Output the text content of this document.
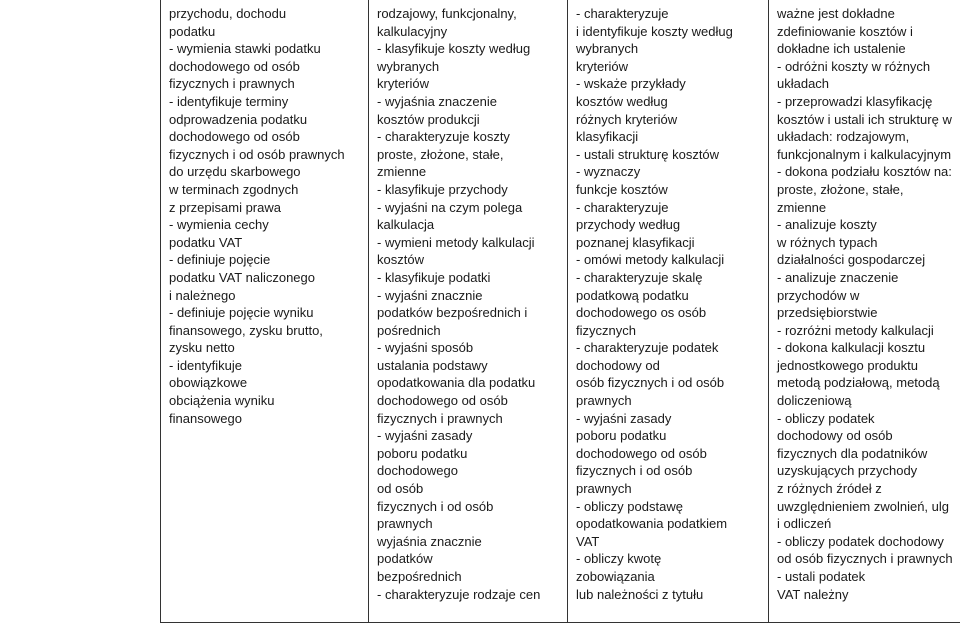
przychodu, dochodu
podatku
- wymienia stawki podatku
dochodowego od osób
fizycznych i prawnych
- identyfikuje terminy
odprowadzenia podatku
dochodowego od osób
fizycznych i od osób prawnych
do urzędu skarbowego
w terminach zgodnych
z przepisami prawa
- wymienia cechy
podatku VAT
- definiuje pojęcie
podatku VAT naliczonego
i należnego
- definiuje pojęcie wyniku
finansowego, zysku brutto,
zysku netto
- identyfikuje
obowiązkowe
obciążenia wyniku
finansowego

rodzajowy, funkcjonalny,
kalkulacyjny
- klasyfikuje koszty według
wybranych
kryteriów
- wyjaśnia znaczenie
kosztów produkcji
- charakteryzuje koszty
proste, złożone, stałe,
zmienne
- klasyfikuje przychody
- wyjaśni na czym polega
kalkulacja
- wymieni metody kalkulacji
kosztów
- klasyfikuje podatki
- wyjaśni znacznie
podatków bezpośrednich i
pośrednich
- wyjaśni sposób
ustalania podstawy
opodatkowania dla podatku
dochodowego od osób
fizycznych i prawnych
- wyjaśni zasady
poboru podatku
dochodowego
od osób
fizycznych i od osób
prawnych
wyjaśnia znacznie
podatków
bezpośrednich
- charakteryzuje rodzaje cen

- charakteryzuje
i identyfikuje koszty według
wybranych
kryteriów
- wskaże przykłady
kosztów według
różnych kryteriów
klasyfikacji
- ustali strukturę kosztów
- wyznaczy
funkcje kosztów
- charakteryzuje
przychody według
poznanej klasyfikacji
- omówi metody kalkulacji
- charakteryzuje skalę
podatkową podatku
dochodowego os osób
fizycznych
- charakteryzuje podatek
dochodowy od
osób fizycznych i od osób
prawnych
- wyjaśni zasady
poboru podatku
dochodowego od osób
fizycznych i od osób
prawnych
- obliczy podstawę
opodatkowania podatkiem
VAT
- obliczy kwotę
zobowiązania
lub należności z tytułu

ważne jest dokładne
zdefiniowanie kosztów i
dokładne ich ustalenie
- odróżni koszty w różnych
układach
- przeprowadzi klasyfikację
kosztów i ustali ich strukturę w
układach: rodzajowym,
funkcjonalnym i kalkulacyjnym
- dokona podziału kosztów na:
proste, złożone, stałe,
zmienne
- analizuje koszty
w różnych typach
działalności gospodarczej
- analizuje znaczenie
przychodów w
przedsiębiorstwie
- rozróżni metody kalkulacji
- dokona kalkulacji kosztu
jednostkowego produktu
metodą podziałową, metodą
doliczeniową
- obliczy podatek
dochodowy od osób
fizycznych dla podatników
uzyskujących przychody
z różnych źródeł z
uwzględnieniem zwolnień, ulg
i odliczeń
- obliczy podatek dochodowy
od osób fizycznych i prawnych
- ustali podatek
VAT należny
